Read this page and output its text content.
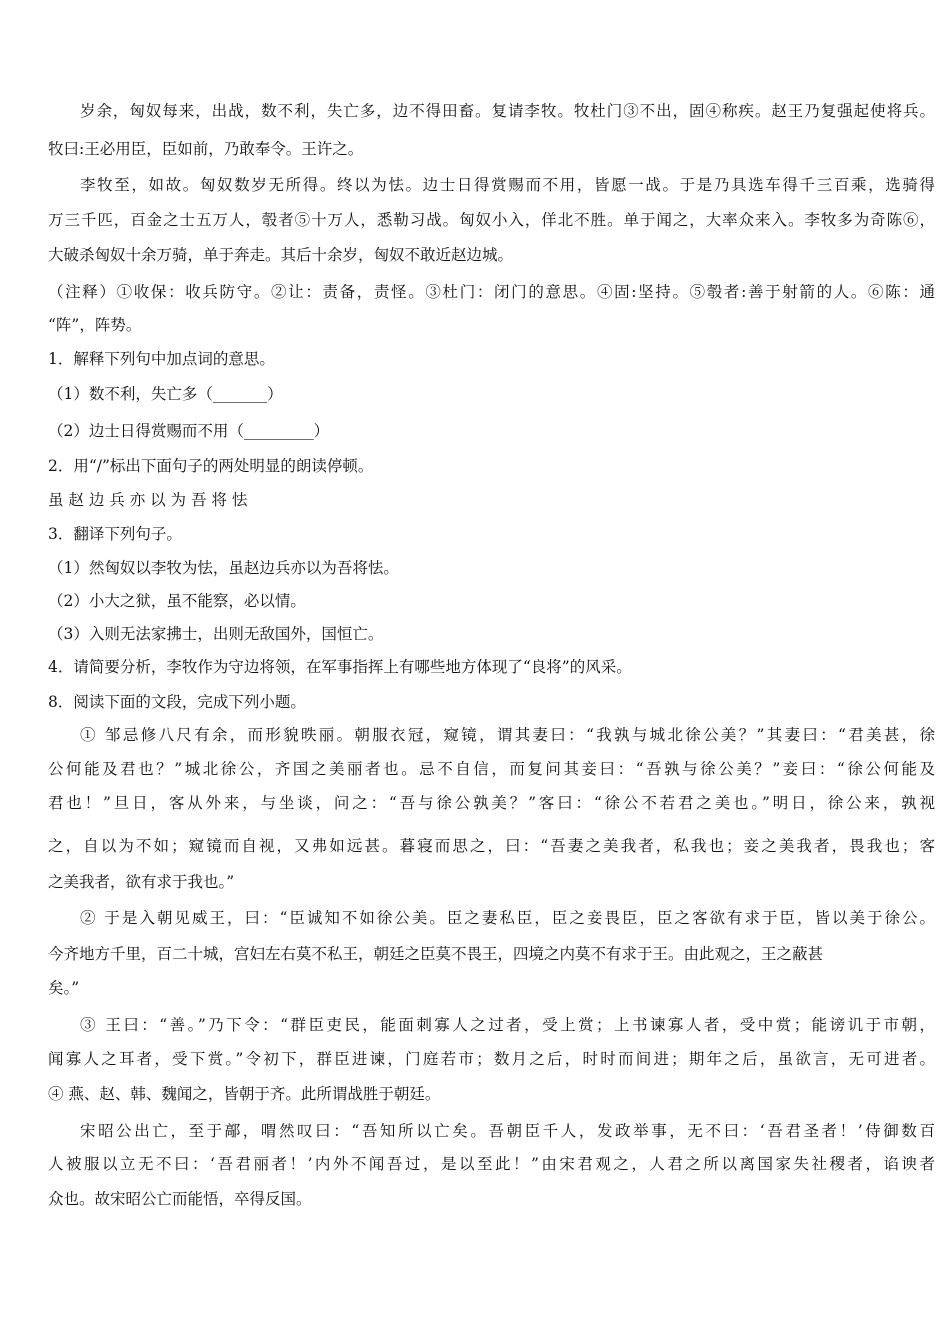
岁余，匈奴每来，出战，数不利，失亡多，边不得田畜。复请李牧。牧杜门③不出，固④称疾。赵王乃复强起使将兵。
牧曰:王必用臣，臣如前，乃敢奉令。王许之。
李牧至，如故。匈奴数岁无所得。终以为怯。边士日得赏赐而不用，皆愿一战。于是乃具选车得千三百乘，选骑得
万三千匹，百金之士五万人，彀者⑤十万人，悉勒习战。匈奴小入，佯北不胜。单于闻之，大率众来入。李牧多为奇陈⑥，
大破杀匈奴十余万骑，单于奔走。其后十余岁，匈奴不敢近赵边城。
（注释）①收保：收兵防守。②让：责备，责怪。③杜门：闭门的意思。④固:坚持。⑤彀者:善于射箭的人。⑥陈：通
“阵”，阵势。
1．解释下列句中加点词的意思。
（1）数不利，失亡多（_______）
（2）边士日得赏赐而不用（_________）
2．用“/”标出下面句子的两处明显的朗读停顿。
虽 赵 边 兵 亦 以 为 吾 将 怯
3．翻译下列句子。
（1）然匈奴以李牧为怯，虽赵边兵亦以为吾将怯。
（2）小大之狱，虽不能察，必以情。
（3）入则无法家拂士，出则无敌国外，国恒亡。
4．请简要分析，李牧作为守边将领，在军事指挥上有哪些地方体现了“良将”的风采。
8．阅读下面的文段，完成下列小题。
① 邹忌修八尺有余，而形貌昳丽。朝服衣冠，窥镜，谓其妻曰：“我孰与城北徐公美？”其妻曰：“君美甚，徐
公何能及君也？”城北徐公，齐国之美丽者也。忌不自信，而复问其妾曰：“吾孰与徐公美？”妾曰：“徐公何能及
君也！”旦日，客从外来，与坐谈，问之：“吾与徐公孰美？”客曰：“徐公不若君之美也。”明日，徐公来，孰视
之，自以为不如；窥镜而自视，又弗如远甚。暮寝而思之，曰：“吾妻之美我者，私我也；妾之美我者，畏我也；客
之美我者，欲有求于我也。”
② 于是入朝见威王，曰：“臣诚知不如徐公美。臣之妻私臣，臣之妾畏臣，臣之客欲有求于臣，皆以美于徐公。
今齐地方千里，百二十城，宫妇左右莫不私王，朝廷之臣莫不畏王，四境之内莫不有求于王。由此观之，王之蔽甚
矣。”
③ 王曰：“善。”乃下令：“群臣吏民，能面刺寡人之过者，受上赏；上书谏寡人者，受中赏；能谤讥于市朝，
闻寡人之耳者，受下赏。”令初下，群臣进谏，门庭若市；数月之后，时时而间进；期年之后，虽欲言，无可进者。
④ 燕、赵、韩、魏闻之，皆朝于齐。此所谓战胜于朝廷。
宋昭公出亡，至于鄗，喟然叹曰：“吾知所以亡矣。吾朝臣千人，发政举事，无不曰：‘吾君圣者！’侍御数百
人被服以立无不曰：‘吾君丽者！’内外不闻吾过，是以至此！”由宋君观之，人君之所以离国家失社稷者，谄谀者
众也。故宋昭公亡而能悟，卒得反国。
